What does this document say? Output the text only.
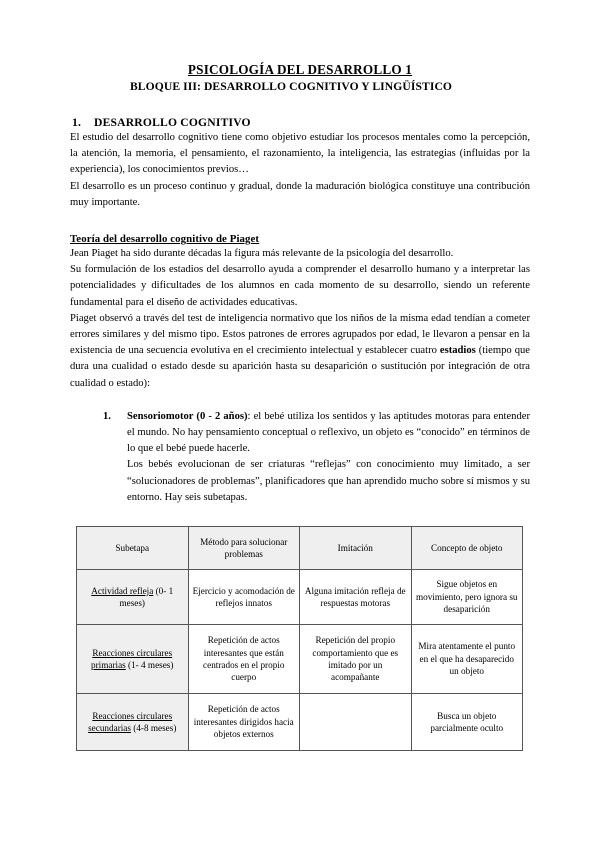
PSICOLOGÍA DEL DESARROLLO 1
BLOQUE III: DESARROLLO COGNITIVO Y LINGÜÍSTICO
1. DESARROLLO COGNITIVO

El estudio del desarrollo cognitivo tiene como objetivo estudiar los procesos mentales como la percepción, la atención, la memoria, el pensamiento, el razonamiento, la inteligencia, las estrategias (influidas por la experiencia), los conocimientos previos…

El desarrollo es un proceso continuo y gradual, donde la maduración biológica constituye una contribución muy importante.

Teoría del desarrollo cognitivo de Piaget

Jean Piaget ha sido durante décadas la figura más relevante de la psicología del desarrollo.

Su formulación de los estadios del desarrollo ayuda a comprender el desarrollo humano y a interpretar las potencialidades y dificultades de los alumnos en cada momento de su desarrollo, siendo un referente fundamental para el diseño de actividades educativas.

Piaget observó a través del test de inteligencia normativo que los niños de la misma edad tendían a cometer errores similares y del mismo tipo. Estos patrones de errores agrupados por edad, le llevaron a pensar en la existencia de una secuencia evolutiva en el crecimiento intelectual y establecer cuatro estadios (tiempo que dura una cualidad o estado desde su aparición hasta su desaparición o sustitución por integración de otra cualidad o estado):

1.	Sensoriomotor (0 - 2 años): el bebé utiliza los sentidos y las aptitudes motoras para entender el mundo. No hay pensamiento conceptual o reflexivo, un objeto es “conocido” en términos de lo que el bebé puede hacerle.

Los bebés evolucionan de ser criaturas “reflejas” con conocimiento muy limitado, a ser “solucionadores de problemas”, planificadores que han aprendido mucho sobre sí mismos y su entorno. Hay seis subetapas.

Subetapa	Método para solucionar problemas	Imitación	Concepto de objeto
Actividad refleja (0- 1 meses)	Ejercicio y acomodación de reflejos innatos	Alguna imitación refleja de respuestas motoras	Sigue objetos en movimiento, pero ignora su desaparición
Reacciones circulares primarias (1- 4 meses)	Repetición de actos interesantes que están centrados en el propio cuerpo	Repetición del propio comportamiento que es imitado por un acompañante	Mira atentamente el punto en el que ha desaparecido un objeto
Reacciones circulares secundarias (4-8 meses)	Repetición de actos interesantes dirigidos hacia objetos externos		Busca un objeto parcialmente oculto
